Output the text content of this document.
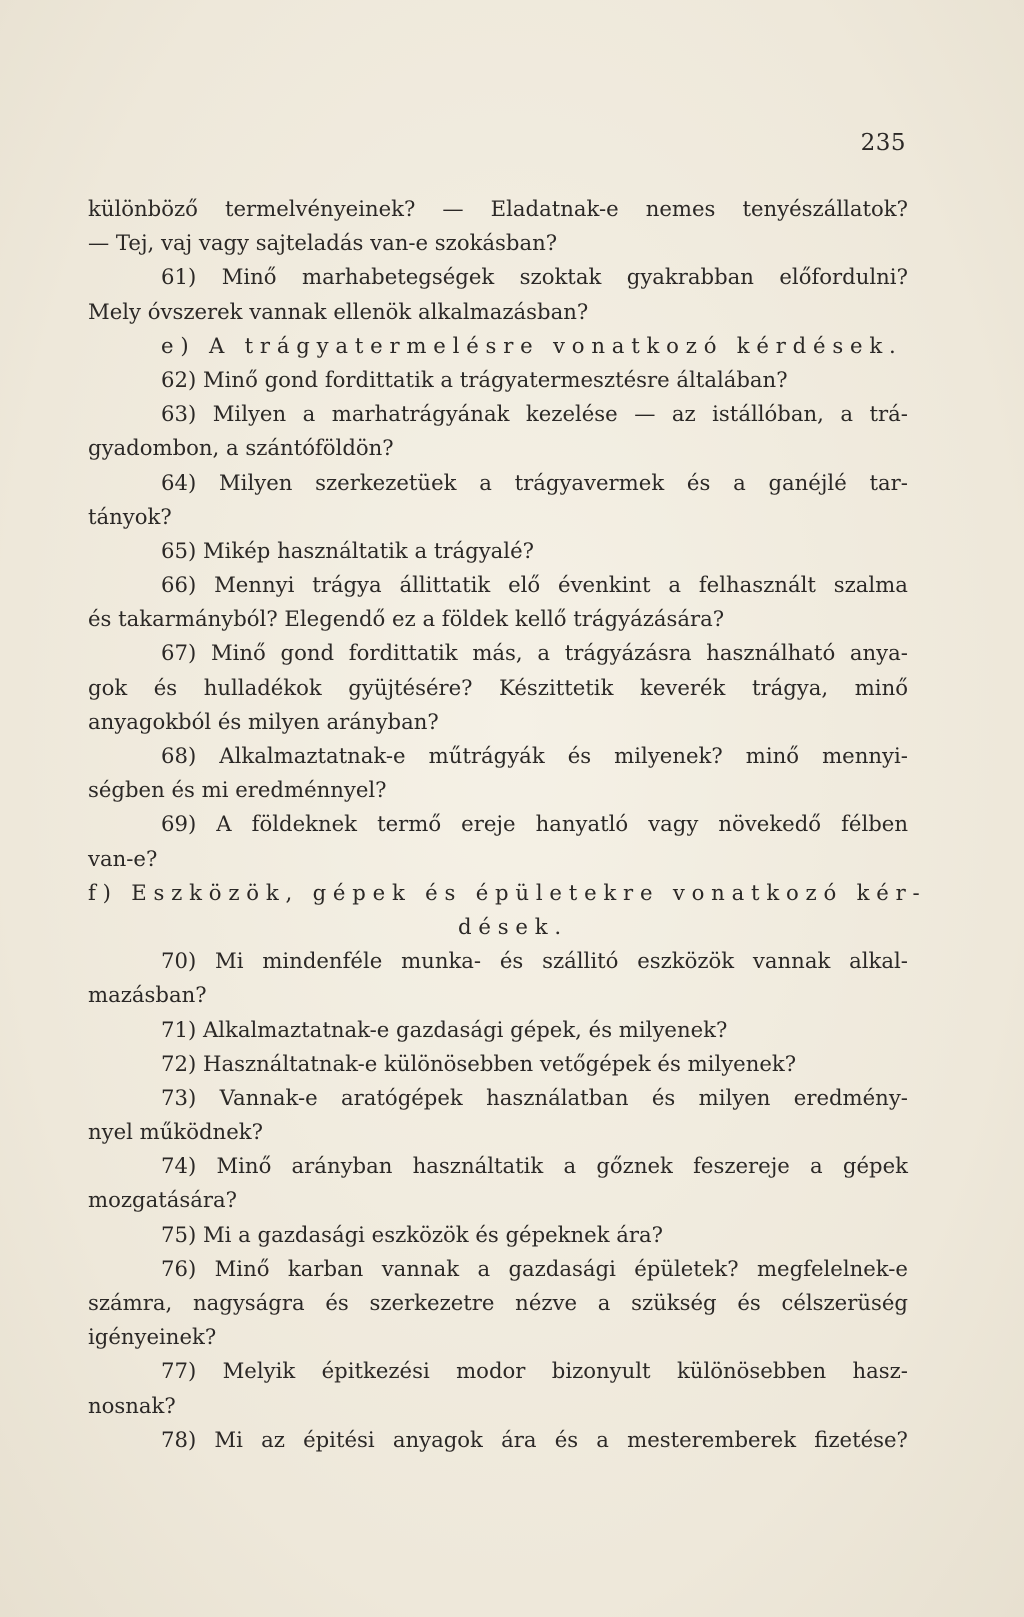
235
különböző termelvényeinek? — Eladatnak-e nemes tenyészállatok?
— Tej, vaj vagy sajteladás van-e szokásban?
61) Minő marhabetegségek szoktak gyakrabban előfordulni?
Mely óvszerek vannak ellenök alkalmazásban?
e) A trágyatermelésre vonatkozó kérdések.
62) Minő gond fordittatik a trágyatermesztésre általában?
63) Milyen a marhatrágyának kezelése — az istállóban, a trá-
gyadombon, a szántóföldön?
64) Milyen szerkezetüek a trágyavermek és a ganéjlé tar-
tányok?
65) Mikép használtatik a trágyalé?
66) Mennyi trágya állittatik elő évenkint a felhasznált szalma
és takarmányból? Elegendő ez a földek kellő trágyázására?
67) Minő gond fordittatik más, a trágyázásra használható anya-
gok és hulladékok gyüjtésére? Készittetik keverék trágya, minő
anyagokból és milyen arányban?
68) Alkalmaztatnak-e műtrágyák és milyenek? minő mennyi-
ségben és mi eredménnyel?
69) A földeknek termő ereje hanyatló vagy növekedő félben
van-e?
f) Eszközök, gépek és épületekre vonatkozó kér-
dések.
70) Mi mindenféle munka- és szállitó eszközök vannak alkal-
mazásban?
71) Alkalmaztatnak-e gazdasági gépek, és milyenek?
72) Használtatnak-e különösebben vetőgépek és milyenek?
73) Vannak-e aratógépek használatban és milyen eredmény-
nyel működnek?
74) Minő arányban használtatik a gőznek feszereje a gépek
mozgatására?
75) Mi a gazdasági eszközök és gépeknek ára?
76) Minő karban vannak a gazdasági épületek? megfelelnek-e
számra, nagyságra és szerkezetre nézve a szükség és célszerüség
igényeinek?
77) Melyik épitkezési modor bizonyult különösebben hasz-
nosnak?
78) Mi az épitési anyagok ára és a mesteremberek fizetése?
